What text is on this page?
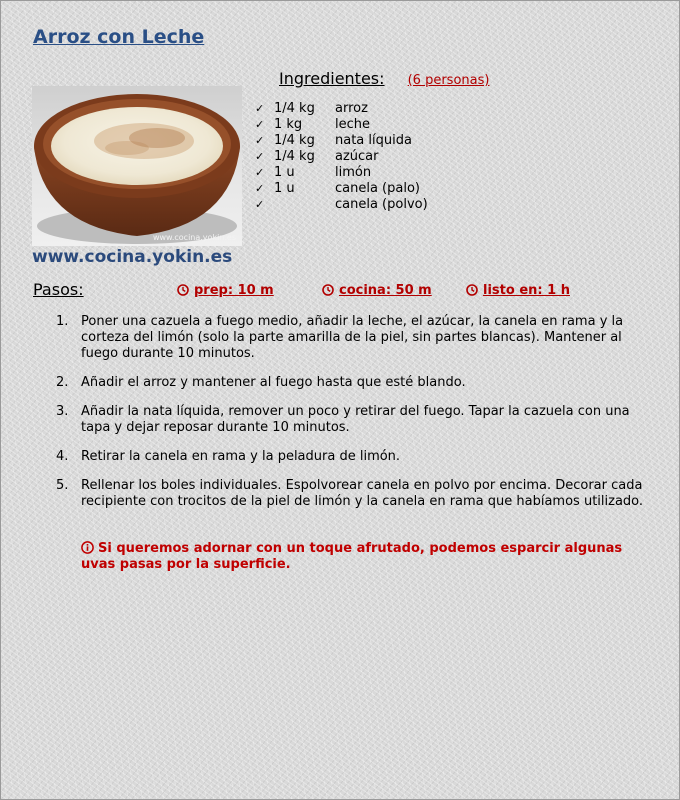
Arroz con Leche
www.cocina.yokin.es
www.cocina.yokin.es
Ingredientes: (6 personas)
✓ 1/4 kg	arroz
✓ 1 kg	leche
✓ 1/4 kg	nata líquida
✓ 1/4 kg	azúcar
✓ 1 u	limón
✓ 1 u	canela (palo)
✓	canela (polvo)
Pasos:	prep: 10 m	cocina: 50 m	listo en: 1 h
1. Poner una cazuela a fuego medio, añadir la leche, el azúcar, la canela en rama y la corteza del limón (solo la parte amarilla de la piel, sin partes blancas). Mantener al fuego durante 10 minutos.
2. Añadir el arroz y mantener al fuego hasta que esté blando.
3. Añadir la nata líquida, remover un poco y retirar del fuego. Tapar la cazuela con una tapa y dejar reposar durante 10 minutos.
4. Retirar la canela en rama y la peladura de limón.
5. Rellenar los boles individuales. Espolvorear canela en polvo por encima. Decorar cada recipiente con trocitos de la piel de limón y la canela en rama que habíamos utilizado.
Si queremos adornar con un toque afrutado, podemos esparcir algunas uvas pasas por la superficie.
